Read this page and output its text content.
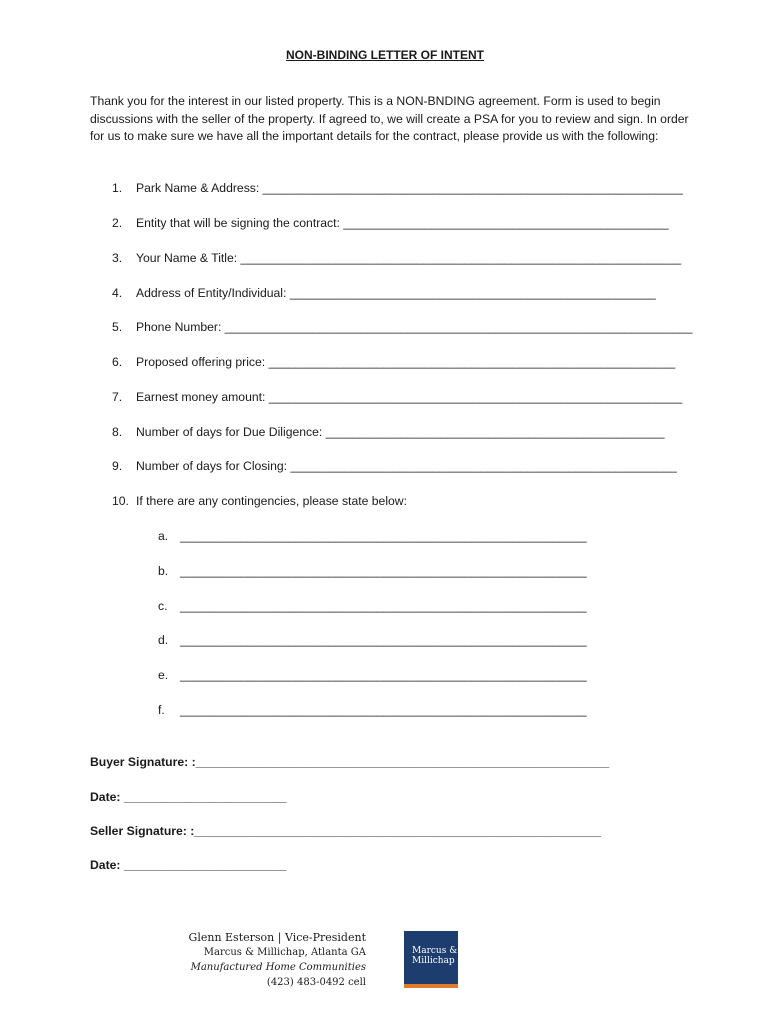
NON-BINDING LETTER OF INTENT
Thank you for the interest in our listed property. This is a NON-BNDING agreement. Form is used to begin discussions with the seller of the property. If agreed to, we will create a PSA for you to review and sign. In order for us to make sure we have all the important details for the contract, please provide us with the following:
1. Park Name & Address: ______________________________________________________________
2. Entity that will be signing the contract: ________________________________________________
3. Your Name & Title: _________________________________________________________________
4. Address of Entity/Individual: ______________________________________________________
5. Phone Number: _____________________________________________________________________
6. Proposed offering price: ____________________________________________________________
7. Earnest money amount: _____________________________________________________________
8. Number of days for Due Diligence: __________________________________________________
9. Number of days for Closing: _________________________________________________________
10. If there are any contingencies, please state below:
a. ____________________________________________________________
b. ____________________________________________________________
c. ____________________________________________________________
d. ____________________________________________________________
e. ____________________________________________________________
f. ____________________________________________________________
Buyer Signature: :_____________________________________________________________
Date: ________________________
Seller Signature: :____________________________________________________________
Date: ________________________
Glenn Esterson | Vice-President
Marcus & Millichap, Atlanta GA
Manufactured Home Communities
(423) 483-0492 cell
Marcus &
Millichap
